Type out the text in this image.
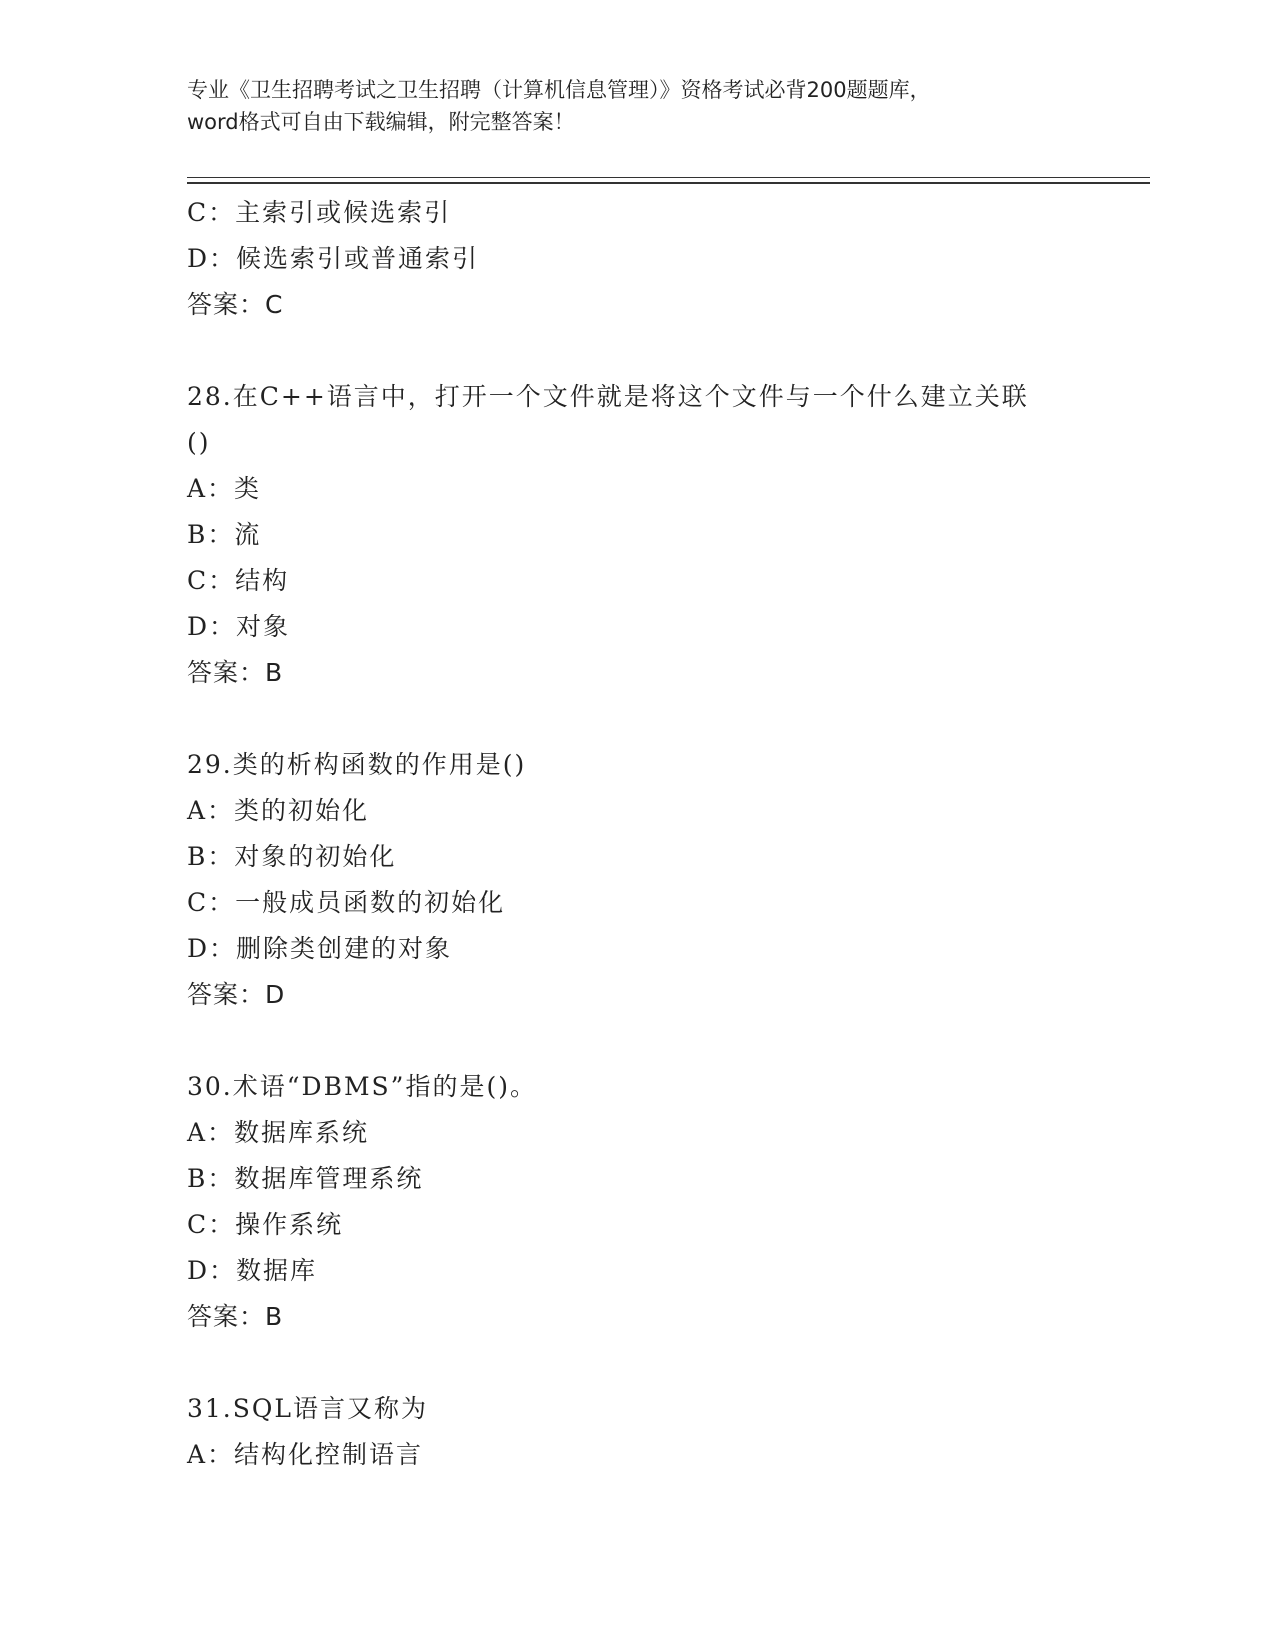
专业《卫生招聘考试之卫生招聘（计算机信息管理）》资格考试必背200题题库，
word格式可自由下载编辑，附完整答案！
C：主索引或候选索引
D：候选索引或普通索引
答案：C
28.在C++语言中，打开一个文件就是将这个文件与一个什么建立关联
()
A：类
B：流
C：结构
D：对象
答案：B
29.类的析构函数的作用是()
A：类的初始化
B：对象的初始化
C：一般成员函数的初始化
D：删除类创建的对象
答案：D
30.术语“DBMS”指的是()。
A：数据库系统
B：数据库管理系统
C：操作系统
D：数据库
答案：B
31.SQL语言又称为
A：结构化控制语言
